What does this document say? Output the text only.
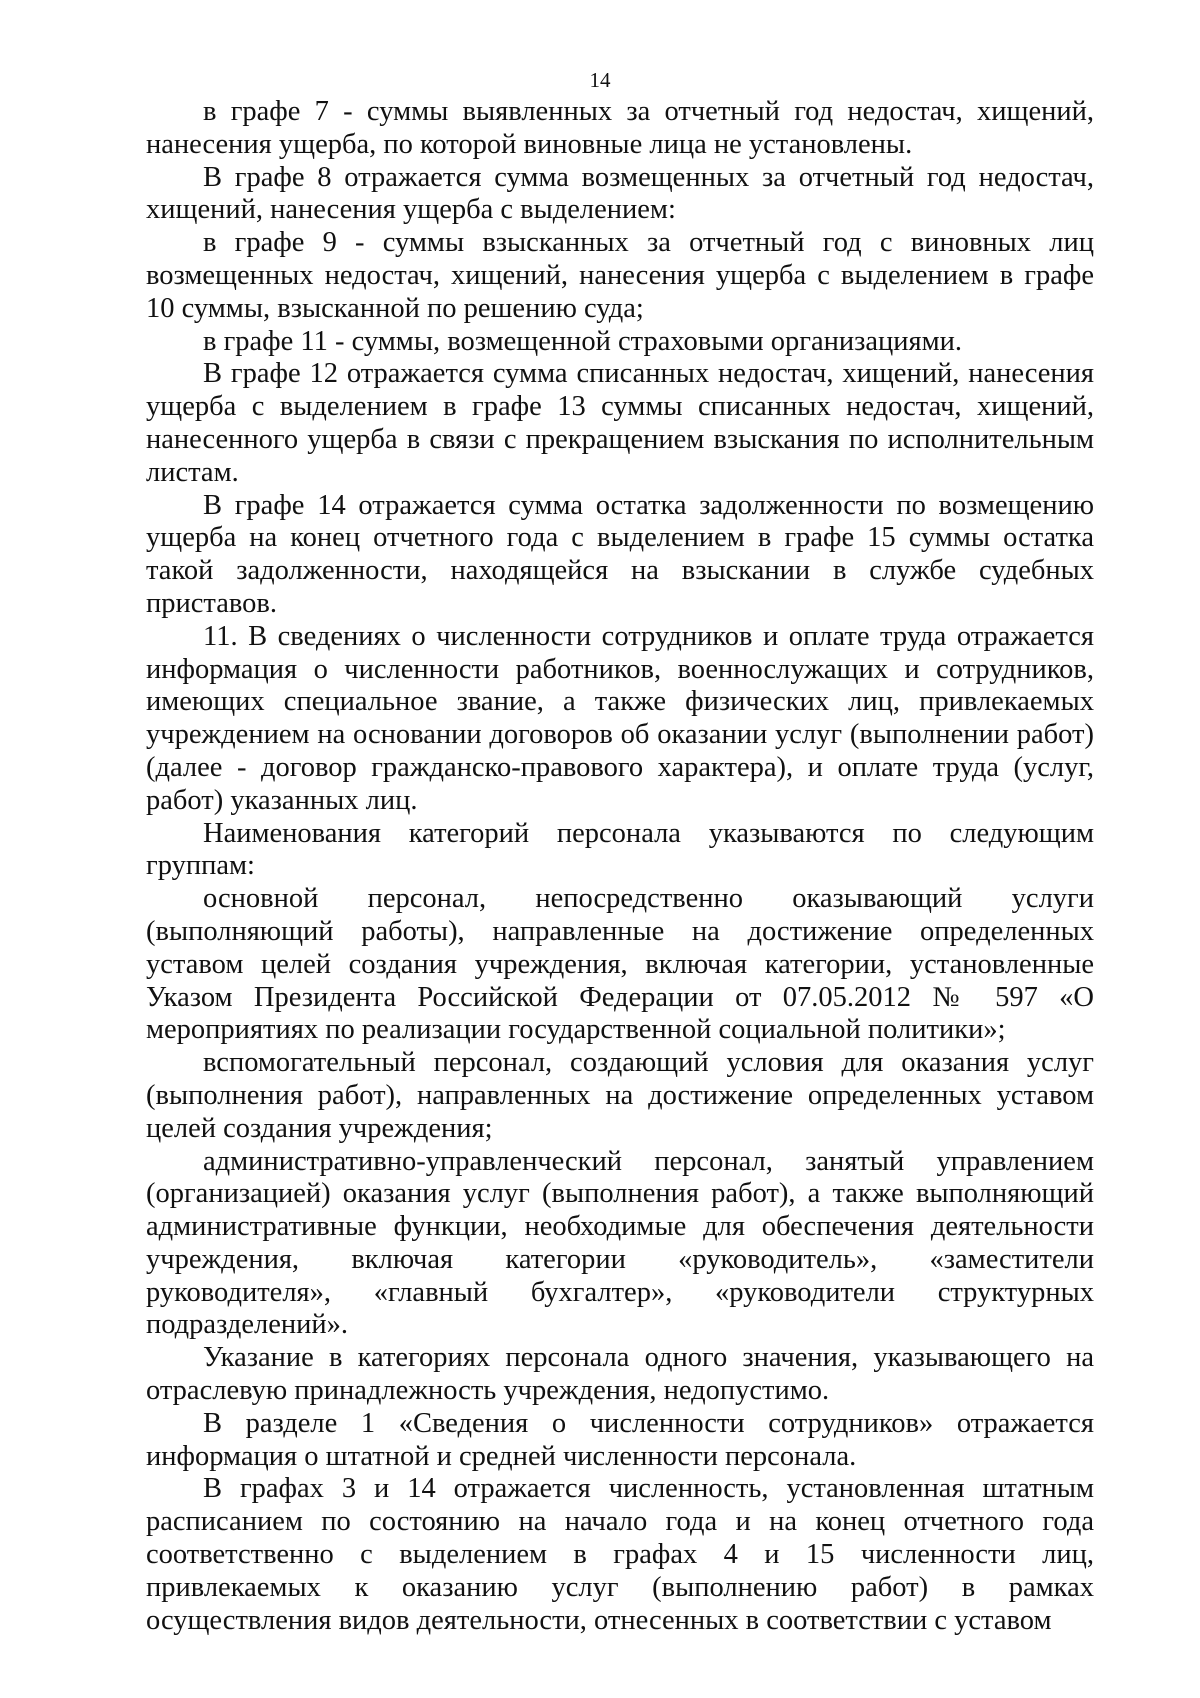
14

в графе 7 - суммы выявленных за отчетный год недостач, хищений, нанесения ущерба, по которой виновные лица не установлены.

В графе 8 отражается сумма возмещенных за отчетный год недостач, хищений, нанесения ущерба с выделением:

в графе 9 - суммы взысканных за отчетный год с виновных лиц возмещенных недостач, хищений, нанесения ущерба с выделением в графе 10 суммы, взысканной по решению суда;

в графе 11 - суммы, возмещенной страховыми организациями.

В графе 12 отражается сумма списанных недостач, хищений, нанесения ущерба с выделением в графе 13 суммы списанных недостач, хищений, нанесенного ущерба в связи с прекращением взыскания по исполнительным листам.

В графе 14 отражается сумма остатка задолженности по возмещению ущерба на конец отчетного года с выделением в графе 15 суммы остатка такой задолженности, находящейся на взыскании в службе судебных приставов.

11. В сведениях о численности сотрудников и оплате труда отражается информация о численности работников, военнослужащих и сотрудников, имеющих специальное звание, а также физических лиц, привлекаемых учреждением на основании договоров об оказании услуг (выполнении работ) (далее - договор гражданско-правового характера), и оплате труда (услуг, работ) указанных лиц.

Наименования категорий персонала указываются по следующим группам:

основной персонал, непосредственно оказывающий услуги (выполняющий работы), направленные на достижение определенных уставом целей создания учреждения, включая категории, установленные Указом Президента Российской Федерации от 07.05.2012 № 597 «О мероприятиях по реализации государственной социальной политики»;

вспомогательный персонал, создающий условия для оказания услуг (выполнения работ), направленных на достижение определенных уставом целей создания учреждения;

административно-управленческий персонал, занятый управлением (организацией) оказания услуг (выполнения работ), а также выполняющий административные функции, необходимые для обеспечения деятельности учреждения, включая категории «руководитель», «заместители руководителя», «главный бухгалтер», «руководители структурных подразделений».

Указание в категориях персонала одного значения, указывающего на отраслевую принадлежность учреждения, недопустимо.

В разделе 1 «Сведения о численности сотрудников» отражается информация о штатной и средней численности персонала.

В графах 3 и 14 отражается численность, установленная штатным расписанием по состоянию на начало года и на конец отчетного года соответственно с выделением в графах 4 и 15 численности лиц, привлекаемых к оказанию услуг (выполнению работ) в рамках осуществления видов деятельности, отнесенных в соответствии с уставом
